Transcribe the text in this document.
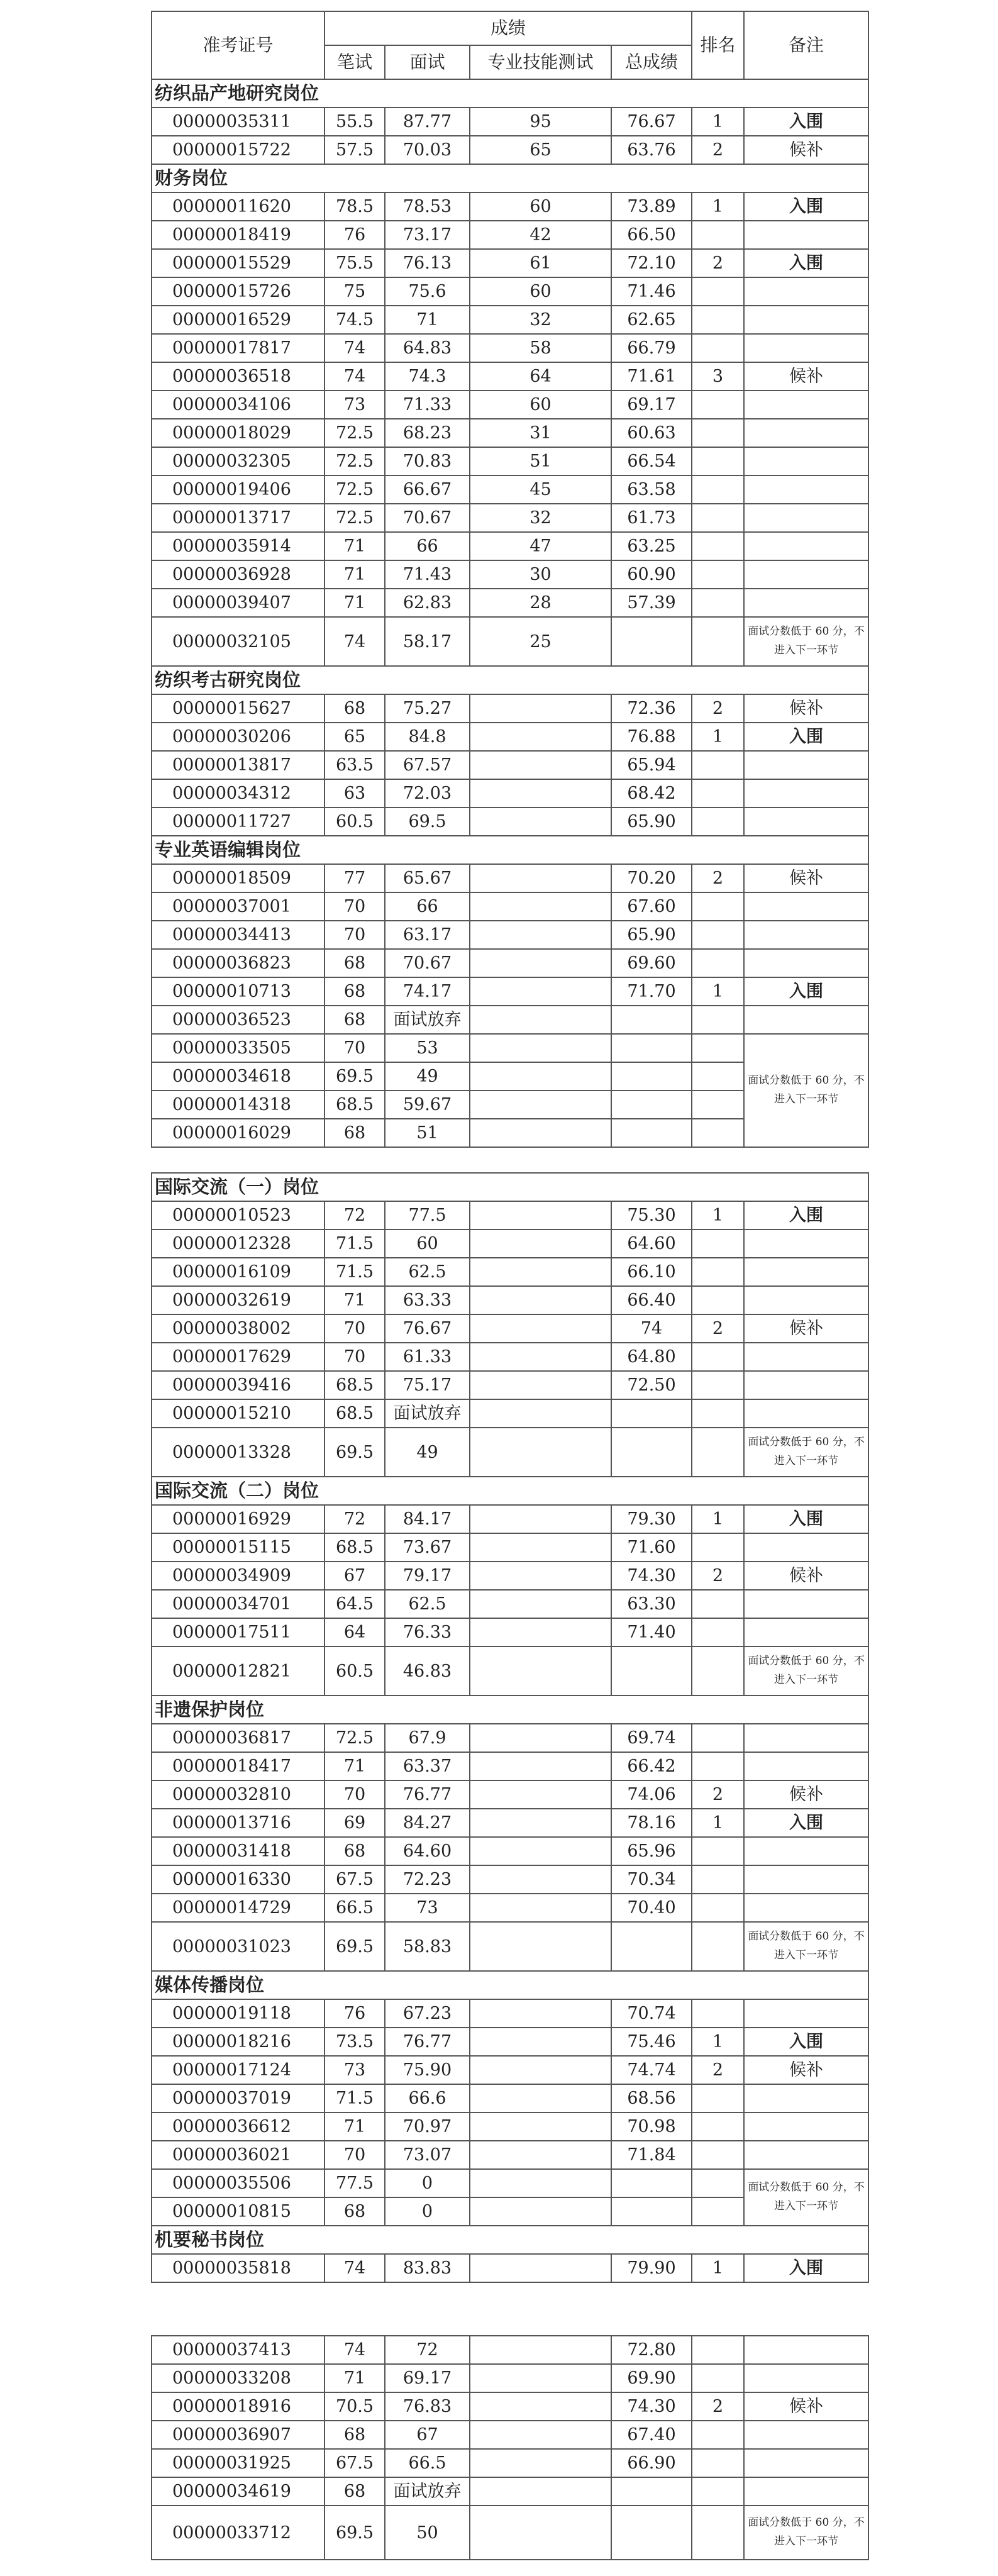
准考证号	成绩				排名	备注
	笔试	面试	专业技能测试	总成绩		
纺织品产地研究岗位						
00000035311	55.5	87.77	95	76.67	1	入围
00000015722	57.5	70.03	65	63.76	2	候补
财务岗位						
00000011620	78.5	78.53	60	73.89	1	入围
00000018419	76	73.17	42	66.50		
00000015529	75.5	76.13	61	72.10	2	入围
00000015726	75	75.6	60	71.46		
00000016529	74.5	71	32	62.65		
00000017817	74	64.83	58	66.79		
00000036518	74	74.3	64	71.61	3	候补
00000034106	73	71.33	60	69.17		
00000018029	72.5	68.23	31	60.63		
00000032305	72.5	70.83	51	66.54		
00000019406	72.5	66.67	45	63.58		
00000013717	72.5	70.67	32	61.73		
00000035914	71	66	47	63.25		
00000036928	71	71.43	30	60.90		
00000039407	71	62.83	28	57.39		
00000032105	74	58.17	25			面试分数低于 60 分，不进入下一环节
纺织考古研究岗位						
00000015627	68	75.27		72.36	2	候补
00000030206	65	84.8		76.88	1	入围
00000013817	63.5	67.57		65.94		
00000034312	63	72.03		68.42		
00000011727	60.5	69.5		65.90		
专业英语编辑岗位						
00000018509	77	65.67		70.20	2	候补
00000037001	70	66		67.60		
00000034413	70	63.17		65.90		
00000036823	68	70.67		69.60		
00000010713	68	74.17		71.70	1	入围
00000036523	68	面试放弃				
00000033505	70	53				面试分数低于 60 分，不进入下一环节
00000034618	69.5	49				
00000014318	68.5	59.67				
00000016029	68	51				
国际交流（一）岗位						
00000010523	72	77.5		75.30	1	入围
00000012328	71.5	60		64.60		
00000016109	71.5	62.5		66.10		
00000032619	71	63.33		66.40		
00000038002	70	76.67		74	2	候补
00000017629	70	61.33		64.80		
00000039416	68.5	75.17		72.50		
00000015210	68.5	面试放弃				
00000013328	69.5	49				面试分数低于 60 分，不进入下一环节
国际交流（二）岗位						
00000016929	72	84.17		79.30	1	入围
00000015115	68.5	73.67		71.60		
00000034909	67	79.17		74.30	2	候补
00000034701	64.5	62.5		63.30		
00000017511	64	76.33		71.40		
00000012821	60.5	46.83				面试分数低于 60 分，不进入下一环节
非遗保护岗位						
00000036817	72.5	67.9		69.74		
00000018417	71	63.37		66.42		
00000032810	70	76.77		74.06	2	候补
00000013716	69	84.27		78.16	1	入围
00000031418	68	64.60		65.96		
00000016330	67.5	72.23		70.34		
00000014729	66.5	73		70.40		
00000031023	69.5	58.83				面试分数低于 60 分，不进入下一环节
媒体传播岗位						
00000019118	76	67.23		70.74		
00000018216	73.5	76.77		75.46	1	入围
00000017124	73	75.90		74.74	2	候补
00000037019	71.5	66.6		68.56		
00000036612	71	70.97		70.98		
00000036021	70	73.07		71.84		
00000035506	77.5	0				面试分数低于 60 分，不进入下一环节
00000010815	68	0				
机要秘书岗位						
00000035818	74	83.83		79.90	1	入围
00000037413	74	72		72.80		
00000033208	71	69.17		69.90		
00000018916	70.5	76.83		74.30	2	候补
00000036907	68	67		67.40		
00000031925	67.5	66.5		66.90		
00000034619	68	面试放弃				
00000033712	69.5	50				面试分数低于 60 分，不进入下一环节
